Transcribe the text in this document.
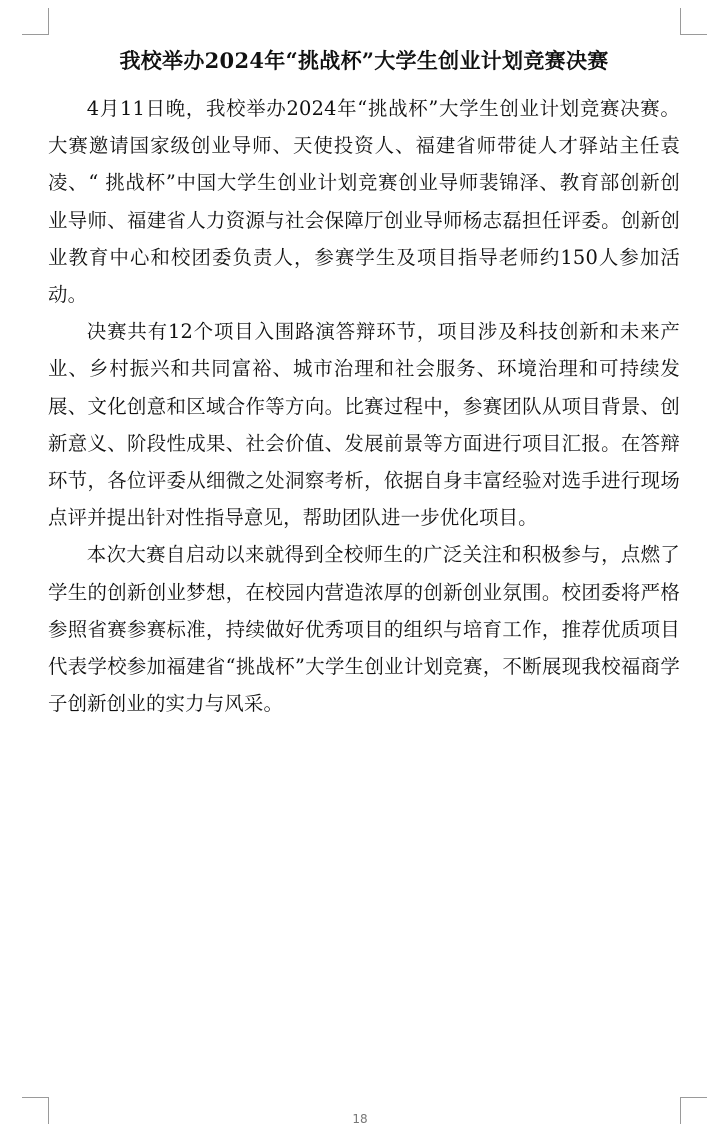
我校举办2024年“挑战杯”大学生创业计划竞赛决赛

4月11日晚，我校举办2024年“挑战杯”大学生创业计划竞赛决赛。大赛邀请国家级创业导师、天使投资人、福建省师带徒人才驿站主任袁凌、“ 挑战杯”中国大学生创业计划竞赛创业导师裴锦泽、教育部创新创业导师、福建省人力资源与社会保障厅创业导师杨志磊担任评委。创新创业教育中心和校团委负责人，参赛学生及项目指导老师约150人参加活动。

决赛共有12个项目入围路演答辩环节，项目涉及科技创新和未来产业、乡村振兴和共同富裕、城市治理和社会服务、环境治理和可持续发展、文化创意和区域合作等方向。比赛过程中，参赛团队从项目背景、创新意义、阶段性成果、社会价值、发展前景等方面进行项目汇报。在答辩环节，各位评委从细微之处洞察考析，依据自身丰富经验对选手进行现场点评并提出针对性指导意见，帮助团队进一步优化项目。

本次大赛自启动以来就得到全校师生的广泛关注和积极参与，点燃了学生的创新创业梦想，在校园内营造浓厚的创新创业氛围。校团委将严格参照省赛参赛标准，持续做好优秀项目的组织与培育工作，推荐优质项目代表学校参加福建省“挑战杯”大学生创业计划竞赛，不断展现我校福商学子创新创业的实力与风采。

18
